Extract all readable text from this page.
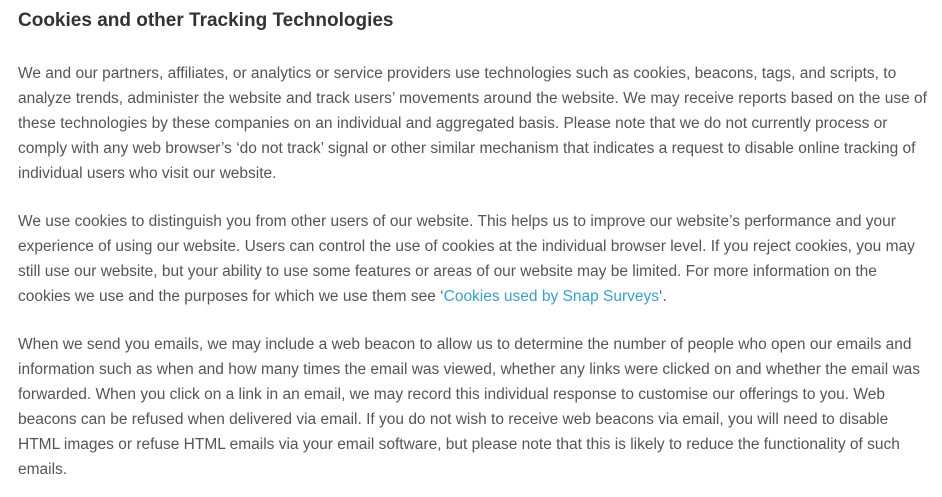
Cookies and other Tracking Technologies

We and our partners, affiliates, or analytics or service providers use technologies such as cookies, beacons, tags, and scripts, to analyze trends, administer the website and track users’ movements around the website. We may receive reports based on the use of these technologies by these companies on an individual and aggregated basis. Please note that we do not currently process or comply with any web browser’s ‘do not track’ signal or other similar mechanism that indicates a request to disable online tracking of individual users who visit our website.

We use cookies to distinguish you from other users of our website. This helps us to improve our website’s performance and your experience of using our website. Users can control the use of cookies at the individual browser level. If you reject cookies, you may still use our website, but your ability to use some features or areas of our website may be limited. For more information on the cookies we use and the purposes for which we use them see ‘Cookies used by Snap Surveys‘.

When we send you emails, we may include a web beacon to allow us to determine the number of people who open our emails and information such as when and how many times the email was viewed, whether any links were clicked on and whether the email was forwarded. When you click on a link in an email, we may record this individual response to customise our offerings to you. Web beacons can be refused when delivered via email. If you do not wish to receive web beacons via email, you will need to disable HTML images or refuse HTML emails via your email software, but please note that this is likely to reduce the functionality of such emails.
